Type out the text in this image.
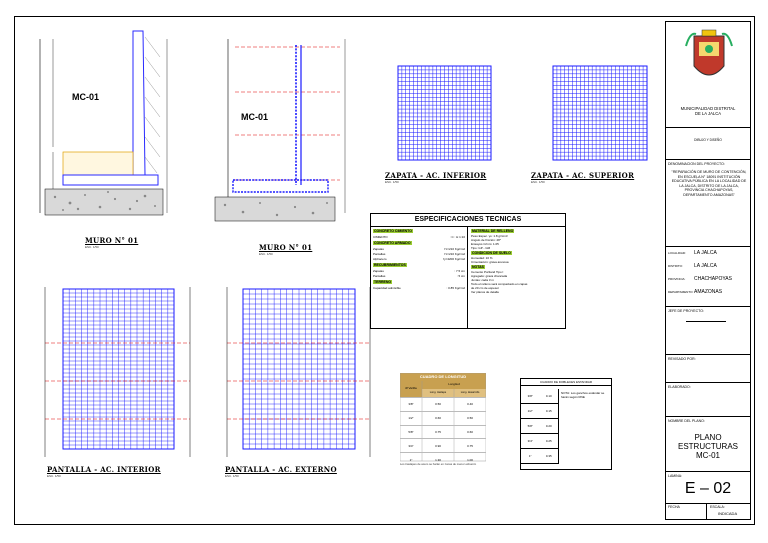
MC-01
MC-01
MURO N° 01
ESC. 1/50	MURO N° 01
ESC. 1/50
ZAPATA - AC. INFERIOR
ESC. 1/50
ZAPATA - AC. SUPERIOR
ESC. 1/50
PANTALLA - AC. INTERIOR
ESC. 1/50
PANTALLA - AC. EXTERNO
ESC. 1/50
ESPECIFICACIONES TECNICAS
CONCRETO CIMIENTO
CIMIENTO	: C : H 1:10
CONCRETO ARMADO
Zapatas	f'c=210 Kg/cm2
Pantallas	f'c=210 Kg/cm2
Alphacero	fy=4200 Kg/cm2
RECUBRIMIENTOS
Zapatas	: 7.5 cm
Pantallas	: 5 cm
TERRENO
Capacidad admisible	: 0.85 Kg/cm2
MATERIAL DE RELLENO
Peso Espec. γs: 1.8 gr/cm3
Angulo de fricción: 28°
Ensayos C/mm: 1.05
Tipo: GP - GM
CONDICION DE SUELO
Humedad: 10 %
Cimentación: grava arenosa
NOTAS
Cemento Portland Tipo I
Agregado: grava chancada
Juntas: cada 3 m
Todo el relleno será compactado en capas
de 20 cm de espesor
Ver planos de detalle
CUADRO DE LONGITUD
Ø Varilla
Longitud
Long. traslape	Long. desarrollo
3/8"	0.50	0.40
1/2"	0.60	0.50
5/8"	0.75	0.60
3/4"	0.90	0.75
1"	1.30	1.00
Los traslapes de acero se harán en zonas de menor esfuerzo
CUADRO DE DOBLECES ESTANDAR
3/8"	0.10
1/2"	0.15
5/8"	0.20
3/4"	0.25
1"	0.35
NOTA: Los ganchos estándar se harán según RNE
MUNICIPALIDAD DISTRITAL
DE LA JALCA
DIBUJO Y DISEÑO
DENOMINACION DEL PROYECTO:
"REPARACIÓN DE MURO DE CONTENCIÓN, EN ESCUELA N° 18091 INSTITUCIÓN EDUCATIVA PÚBLICA EN LA LOCALIDAD DE LA JALCA, DISTRITO DE LA JALCA, PROVINCIA CHACHAPOYAS, DEPARTAMENTO AMAZONAS"
LOCALIDAD: LA JALCA
DISTRITO: LA JALCA
PROVINCIA: CHACHAPOYAS
DEPARTAMENTO:AMAZONAS
JEFE DE PROYECTO:
REVISADO POR:
ELABORADO:
NOMBRE DEL PLANO:
PLANO
ESTRUCTURAS
MC-01
LAMINA:
E – 02
FECHA	ESCALA:
INDICADA
